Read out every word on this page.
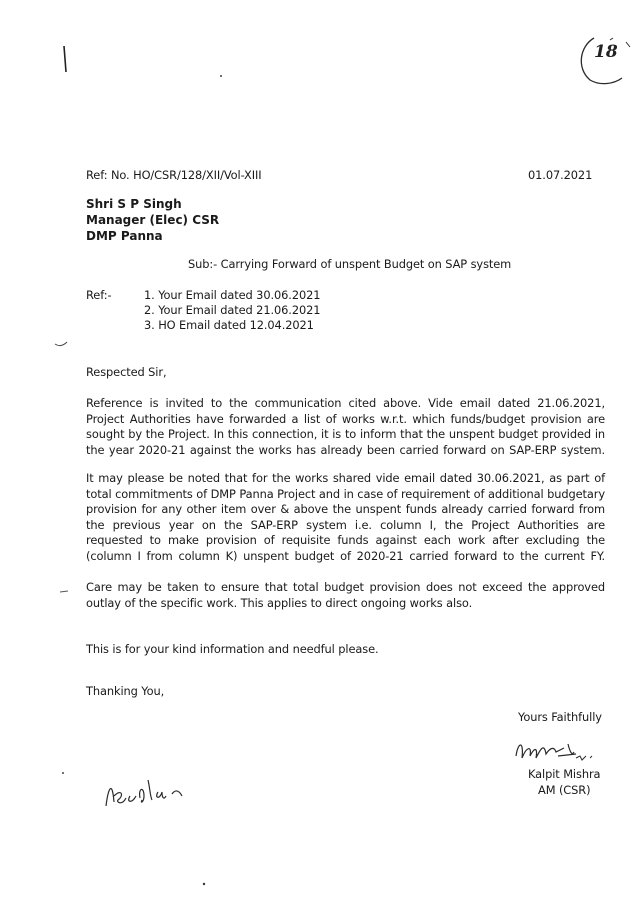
18
Ref: No. HO/CSR/128/XII/Vol-XIII	01.07.2021
Shri S P Singh
Manager (Elec) CSR
DMP Panna
Sub:- Carrying Forward of unspent Budget on SAP system
Ref:-	1. Your Email dated 30.06.2021
2. Your Email dated 21.06.2021
3. HO Email dated 12.04.2021
Respected Sir,
Reference is invited to the communication cited above. Vide email dated 21.06.2021,
Project Authorities have forwarded a list of works w.r.t. which funds/budget provision are
sought by the Project. In this connection, it is to inform that the unspent budget provided in
the year 2020-21 against the works has already been carried forward on SAP-ERP system.
It may please be noted that for the works shared vide email dated 30.06.2021, as part of
total commitments of DMP Panna Project and in case of requirement of additional budgetary
provision for any other item over & above the unspent funds already carried forward from
the previous year on the SAP-ERP system i.e. column I, the Project Authorities are
requested to make provision of requisite funds against each work after excluding the
(column I from column K) unspent budget of 2020-21 carried forward to the current FY.
Care may be taken to ensure that total budget provision does not exceed the approved
outlay of the specific work. This applies to direct ongoing works also.
This is for your kind information and needful please.
Thanking You,
Yours Faithfully
Kalpit Mishra
AM (CSR)
